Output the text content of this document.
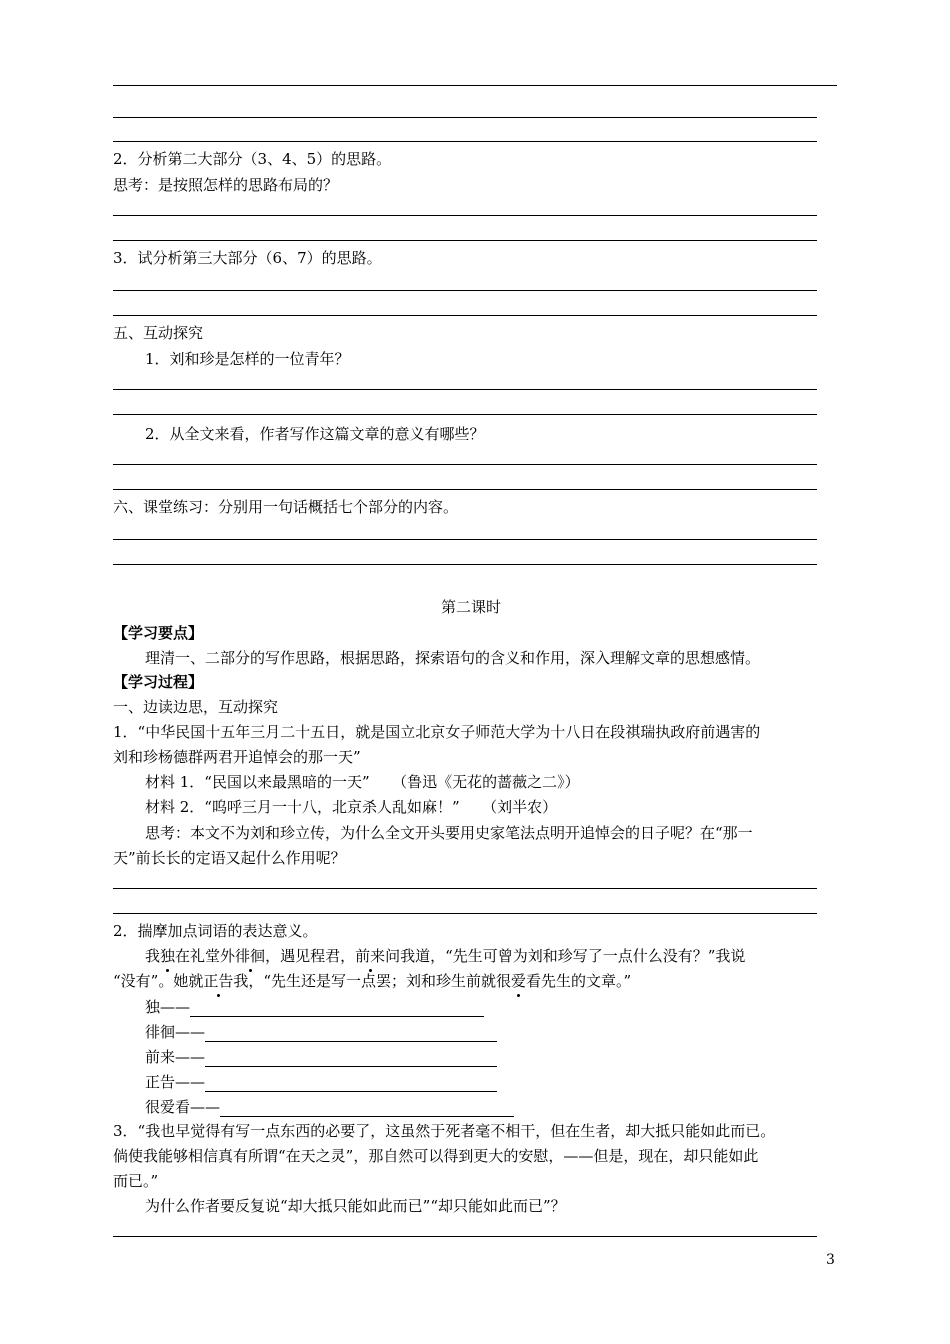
2．分析第二大部分（3、4、5）的思路。
思考：是按照怎样的思路布局的？
3．试分析第三大部分（6、7）的思路。
五、互动探究
1．刘和珍是怎样的一位青年？
2．从全文来看，作者写作这篇文章的意义有哪些？
六、课堂练习：分别用一句话概括七个部分的内容。
第二课时
【学习要点】
理清一、二部分的写作思路，根据思路，探索语句的含义和作用，深入理解文章的思想感情。
【学习过程】
一、边读边思，互动探究
1．“中华民国十五年三月二十五日，就是国立北京女子师范大学为十八日在段祺瑞执政府前遇害的
刘和珍杨德群两君开追悼会的那一天”
材料 1．“民国以来最黑暗的一天”　　（鲁迅《无花的蔷薇之二》）
材料 2．“呜呼三月一十八，北京杀人乱如麻！”　　（刘半农）
思考：本文不为刘和珍立传，为什么全文开头要用史家笔法点明开追悼会的日子呢？在“那一
天”前长长的定语又起什么作用呢？
2．揣摩加点词语的表达意义。
我独在礼堂外徘徊，遇见程君，前来问我道，“先生可曾为刘和珍写了一点什么没有？”我说
“没有”。她就正告我，“先生还是写一点罢；刘和珍生前就很爱看先生的文章。”
独——
徘徊——
前来——
正告——
很爱看——
3．“我也早觉得有写一点东西的必要了，这虽然于死者毫不相干，但在生者，却大抵只能如此而已。
倘使我能够相信真有所谓“在天之灵”，那自然可以得到更大的安慰，——但是，现在，却只能如此
而已。”
为什么作者要反复说“却大抵只能如此而已”“却只能如此而已”？
3
